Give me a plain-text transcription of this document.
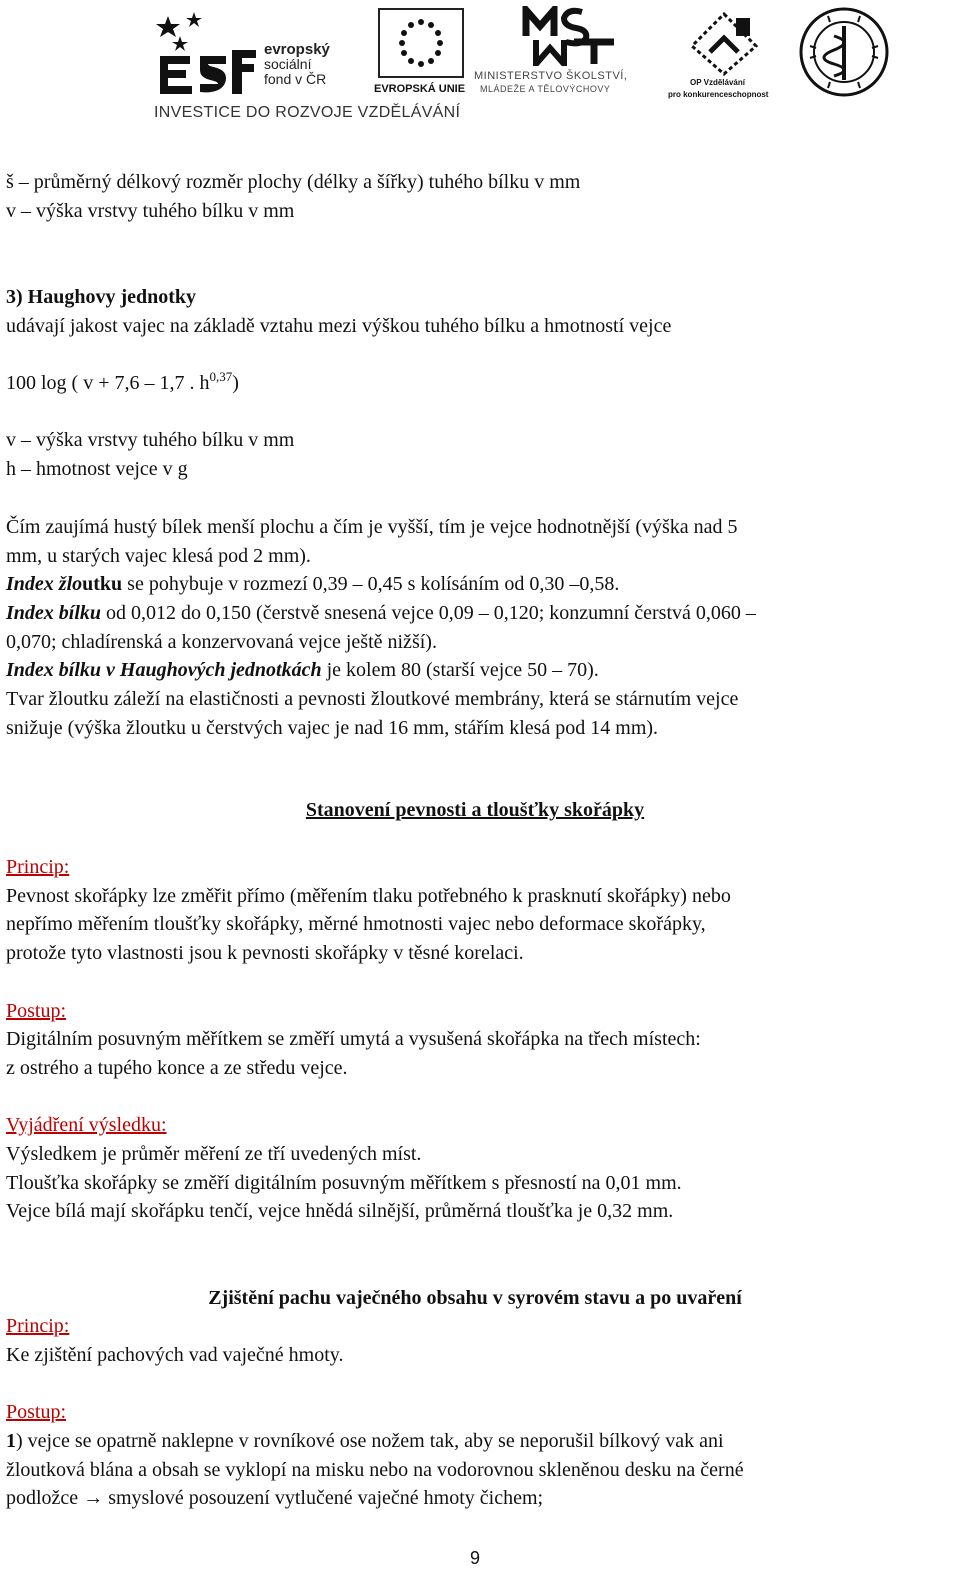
evropský
sociální
fond v ČR
EVROPSKÁ UNIE
MINISTERSTVO ŠKOLSTVÍ,
MLÁDEŽE A TĚLOVÝCHOVY
OP Vzdělávání
pro konkurenceschopnost
INVESTICE DO ROZVOJE VZDĚLÁVÁNÍ
š – průměrný délkový rozměr plochy (délky a šířky) tuhého bílku v mm
v – výška vrstvy tuhého bílku v mm
3) Haughovy jednotky
udávají jakost vajec na základě vztahu mezi výškou tuhého bílku a hmotností vejce
100 log ( v + 7,6 – 1,7 . $h^{0,37}$)
v – výška vrstvy tuhého bílku v mm
h – hmotnost vejce v g
Čím zaujímá hustý bílek menší plochu a čím je vyšší, tím je vejce hodnotnější (výška nad 5
mm, u starých vajec klesá pod 2 mm).
Index žloutku se pohybuje v rozmezí 0,39 – 0,45 s kolísáním od 0,30 –0,58.
Index bílku od 0,012 do 0,150 (čerstvě snesená vejce 0,09 – 0,120; konzumní čerstvá 0,060 –
0,070; chladírenská a konzervovaná vejce ještě nižší).
Index bílku v Haughových jednotkách je kolem 80 (starší vejce 50 – 70).
Tvar žloutku záleží na elastičnosti a pevnosti žloutkové membrány, která se stárnutím vejce
snižuje (výška žloutku u čerstvých vajec je nad 16 mm, stářím klesá pod 14 mm).
Stanovení pevnosti a tloušťky skořápky
Princip:
Pevnost skořápky lze změřit přímo (měřením tlaku potřebného k prasknutí skořápky) nebo
nepřímo měřením tloušťky skořápky, měrné hmotnosti vajec nebo deformace skořápky,
protože tyto vlastnosti jsou k pevnosti skořápky v těsné korelaci.
Postup:
Digitálním posuvným měřítkem se změří umytá a vysušená skořápka na třech místech:
z ostrého a tupého konce a ze středu vejce.
Vyjádření výsledku:
Výsledkem je průměr měření ze tří uvedených míst.
Tloušťka skořápky se změří digitálním posuvným měřítkem s přesností na 0,01 mm.
Vejce bílá mají skořápku tenčí, vejce hnědá silnější, průměrná tloušťka je 0,32 mm.
Zjištění pachu vaječného obsahu v syrovém stavu a po uvaření
Princip:
Ke zjištění pachových vad vaječné hmoty.
Postup:
1) vejce se opatrně naklepne v rovníkové ose nožem tak, aby se neporušil bílkový vak ani
žloutková blána a obsah se vyklopí na misku nebo na vodorovnou skleněnou desku na černé
podložce → smyslové posouzení vytlučené vaječné hmoty čichem;
9
